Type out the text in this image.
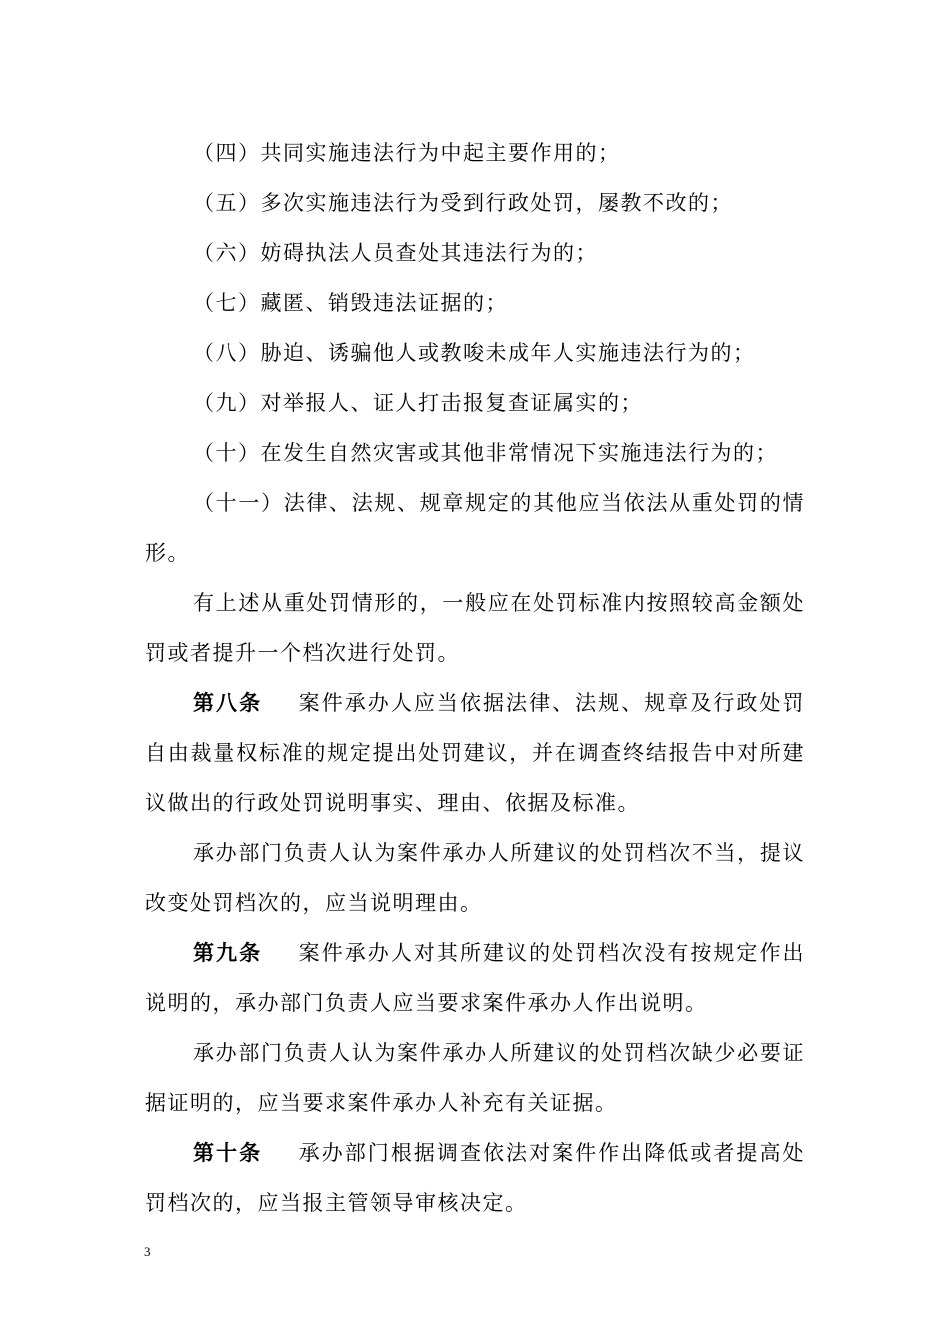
（四）共同实施违法行为中起主要作用的；

（五）多次实施违法行为受到行政处罚，屡教不改的；

（六）妨碍执法人员查处其违法行为的；

（七）藏匿、销毁违法证据的；

（八）胁迫、诱骗他人或教唆未成年人实施违法行为的；

（九）对举报人、证人打击报复查证属实的；

（十）在发生自然灾害或其他非常情况下实施违法行为的；

（十一）法律、法规、规章规定的其他应当依法从重处罚的情形。

有上述从重处罚情形的，一般应在处罚标准内按照较高金额处罚或者提升一个档次进行处罚。

第八条 案件承办人应当依据法律、法规、规章及行政处罚自由裁量权标准的规定提出处罚建议，并在调查终结报告中对所建议做出的行政处罚说明事实、理由、依据及标准。

承办部门负责人认为案件承办人所建议的处罚档次不当，提议改变处罚档次的，应当说明理由。

第九条 案件承办人对其所建议的处罚档次没有按规定作出说明的，承办部门负责人应当要求案件承办人作出说明。

承办部门负责人认为案件承办人所建议的处罚档次缺少必要证据证明的，应当要求案件承办人补充有关证据。

第十条 承办部门根据调查依法对案件作出降低或者提高处罚档次的，应当报主管领导审核决定。

3
